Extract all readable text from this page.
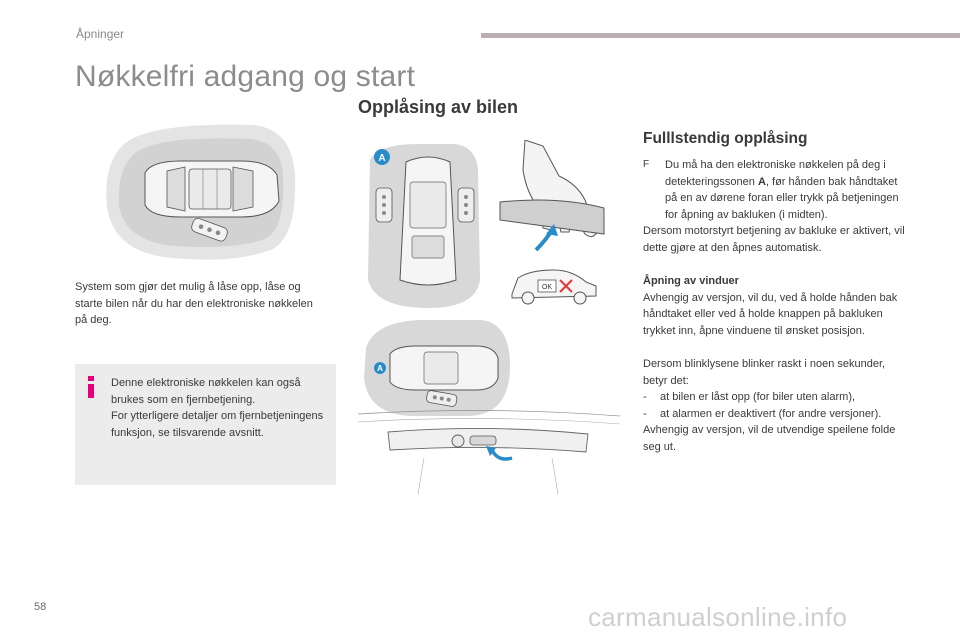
Åpninger
Nøkkelfri adgang og start
Opplåsing av bilen
System som gjør det mulig å låse opp, låse og starte bilen når du har den elektroniske nøkkelen på deg.
Denne elektroniske nøkkelen kan også brukes som en fjernbetjening.
For ytterligere detaljer om fjernbetjeningens funksjon, se tilsvarende avsnitt.
A
OK
A
Fulllstendig opplåsing
F	Du må ha den elektroniske nøkkelen på deg i detekteringssonen A, før hånden bak håndtaket på en av dørene foran eller trykk på betjeningen for åpning av bakluken (i midten).
Dersom motorstyrt betjening av bakluke er aktivert, vil dette gjøre at den åpnes automatisk.
Åpning av vinduer
Avhengig av versjon, vil du, ved å holde hånden bak håndtaket eller ved å holde knappen på bakluken trykket inn, åpne vinduene til ønsket posisjon.
Dersom blinklysene blinker raskt i noen sekunder, betyr det:
-	at bilen er låst opp (for biler uten alarm),
-	at alarmen er deaktivert (for andre versjoner).
Avhengig av versjon, vil de utvendige speilene folde seg ut.
58	carmanualsonline.info
